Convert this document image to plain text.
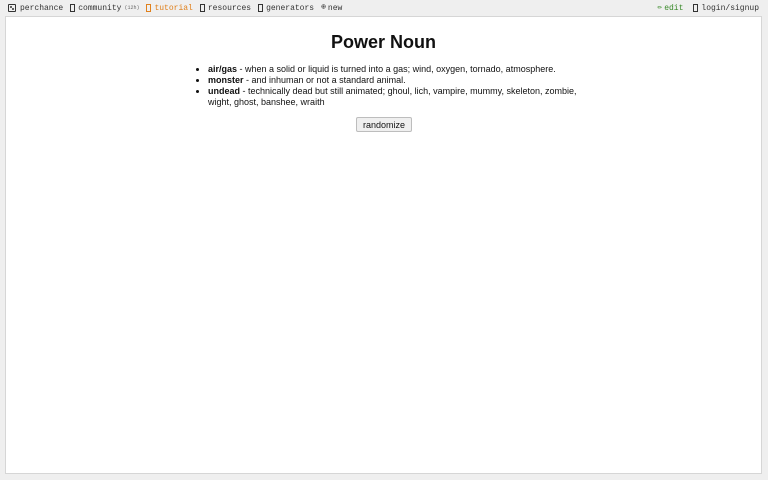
perchance community (12h) tutorial resources generators ⊕ new	✏ edit login/signup
Power Noun
• air/gas - when a solid or liquid is turned into a gas; wind, oxygen, tornado, atmosphere.
• monster - and inhuman or not a standard animal.
• undead - technically dead but still animated; ghoul, lich, vampire, mummy, skeleton, zombie, wight, ghost, banshee, wraith
randomize
